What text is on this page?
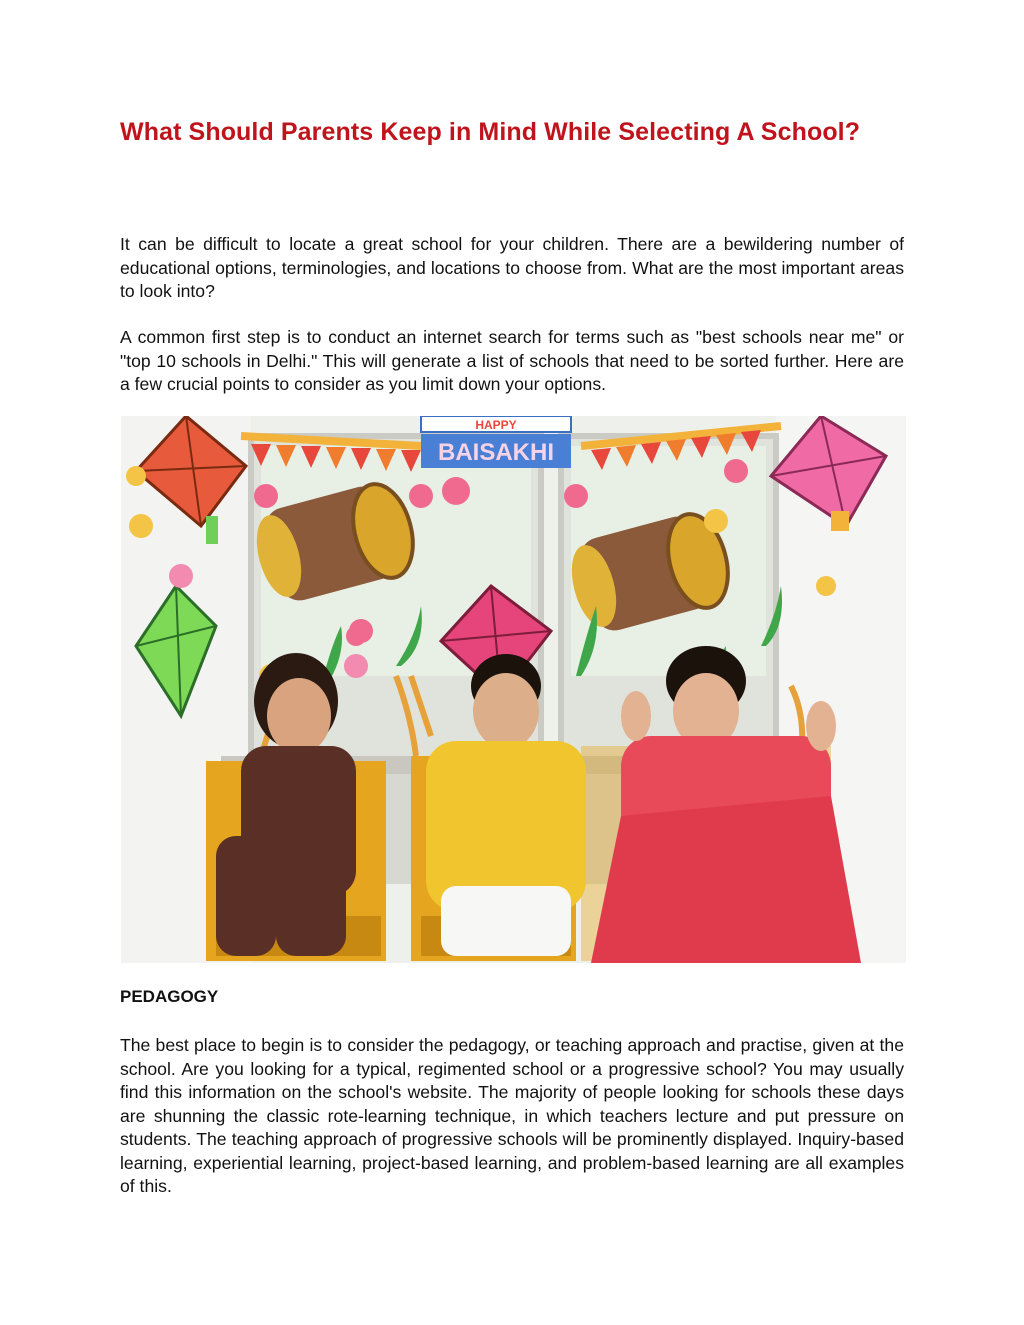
What Should Parents Keep in Mind While Selecting A School?

It can be difficult to locate a great school for your children. There are a bewildering number of educational options, terminologies, and locations to choose from. What are the most important areas to look into?

A common first step is to conduct an internet search for terms such as "best schools near me" or "top 10 schools in Delhi." This will generate a list of schools that need to be sorted further. Here are a few crucial points to consider as you limit down your options.

HAPPY
BAISAKHI
PEDAGOGY

The best place to begin is to consider the pedagogy, or teaching approach and practise, given at the school. Are you looking for a typical, regimented school or a progressive school? You may usually find this information on the school's website. The majority of people looking for schools these days are shunning the classic rote-learning technique, in which teachers lecture and put pressure on students. The teaching approach of progressive schools will be prominently displayed. Inquiry-based learning, experiential learning, project-based learning, and problem-based learning are all examples of this.
